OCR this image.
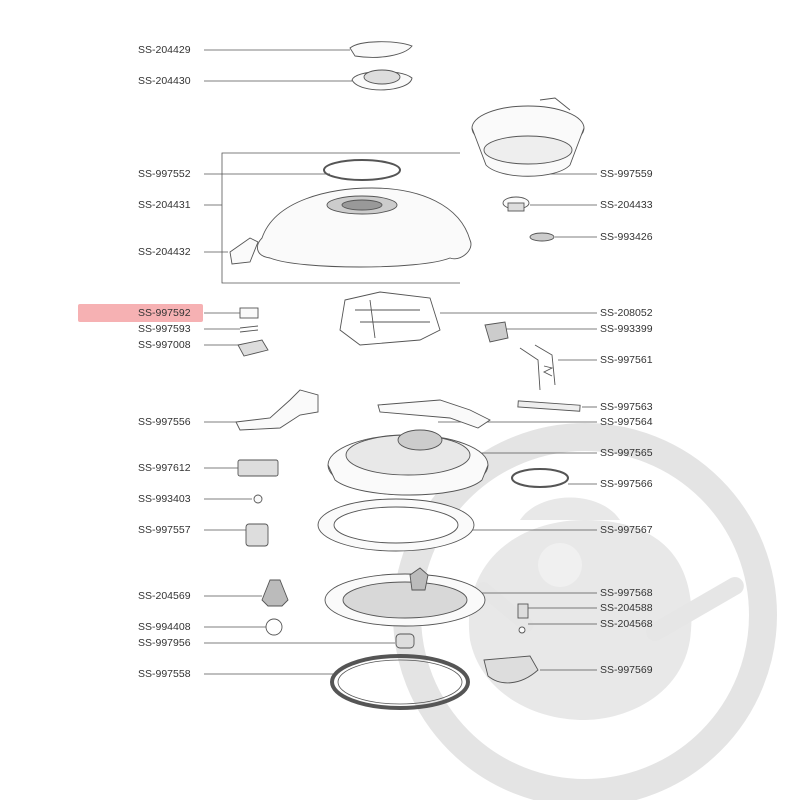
SS-204429
SS-204430
SS-997552
SS-204431
SS-204432
SS-997592
SS-997593
SS-997008
SS-997556
SS-997612
SS-993403
SS-997557
SS-204569
SS-994408
SS-997956
SS-997558
SS-997559
SS-204433
SS-993426
SS-208052
SS-993399
SS-997561
SS-997563
SS-997564
SS-997565
SS-997566
SS-997567
SS-997568
SS-204588
SS-204568
SS-997569
